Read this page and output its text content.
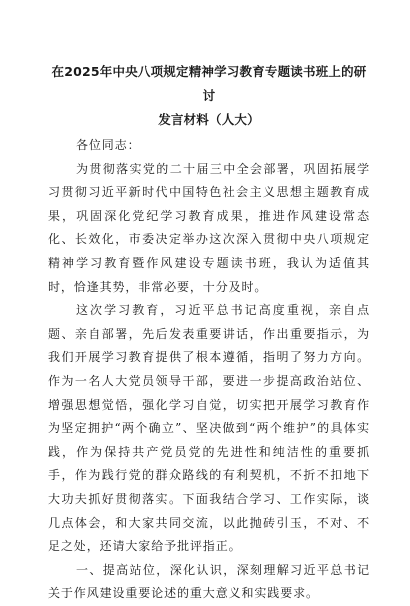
在2025年中央八项规定精神学习教育专题读书班上的研讨
发言材料（人大）

各位同志：

为贯彻落实党的二十届三中全会部署，巩固拓展学习贯彻习近平新时代中国特色社会主义思想主题教育成果，巩固深化党纪学习教育成果，推进作风建设常态化、长效化，市委决定举办这次深入贯彻中央八项规定精神学习教育暨作风建设专题读书班，我认为适值其时，恰逢其势，非常必要，十分及时。

这次学习教育，习近平总书记高度重视，亲自点题、亲自部署，先后发表重要讲话，作出重要指示，为我们开展学习教育提供了根本遵循，指明了努力方向。作为一名人大党员领导干部，要进一步提高政治站位、增强思想觉悟，强化学习自觉，切实把开展学习教育作为坚定拥护“两个确立”、坚决做到“两个维护”的具体实践，作为保持共产党员党的先进性和纯洁性的重要抓手，作为践行党的群众路线的有利契机，不折不扣地下大功夫抓好贯彻落实。下面我结合学习、工作实际，谈几点体会，和大家共同交流，以此抛砖引玉，不对、不足之处，还请大家给予批评指正。

一、提高站位，深化认识，深刻理解习近平总书记关于作风建设重要论述的重大意义和实践要求。
